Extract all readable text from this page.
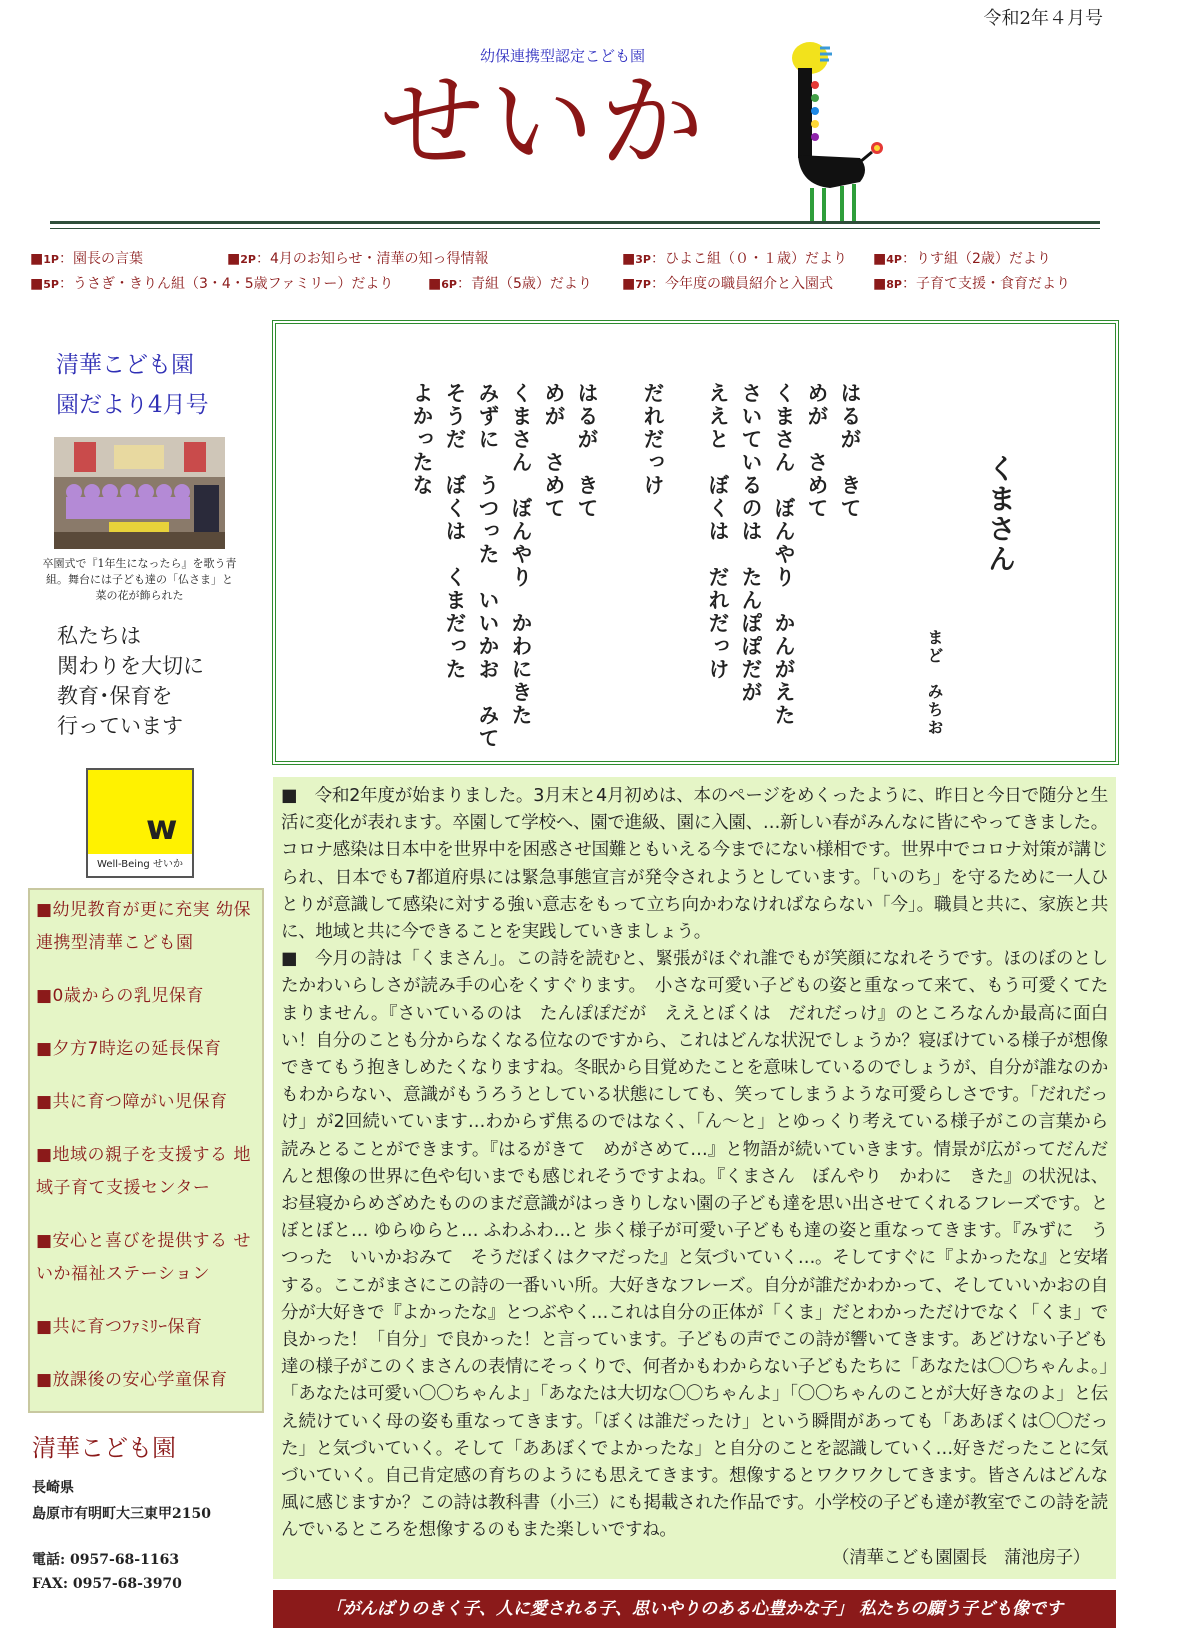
令和2年４月号
幼保連携型認定こども園
せいか
■1P：園長の言葉	■2P：4月のお知らせ・清華の知っ得情報	■3P：ひよこ組（０・１歳）だより ■4P：りす組（2歳）だより
■5P：うさぎ・きりん組（3・4・5歳ファミリー）だより ■6P：青組（5歳）だより ■7P：今年度の職員紹介と入園式	■8P：子育て支援・食育だより
清華こども園
園だより4月号
卒園式で『1年生になったら』を歌う青組。舞台には子ども達の「仏さま」と菜の花が飾られた
私たちは
関わりを大切に
教育･保育を
行っています
w
Well-Being せいか
■幼児教育が更に充実 幼保連携型清華こども園
■0歳からの乳児保育
■夕方7時迄の延長保育
■共に育つ障がい児保育
■地域の親子を支援する 地域子育て支援センター
■安心と喜びを提供する せいか福祉ステーション
■共に育つﾌｧﾐﾘｰ保育
■放課後の安心学童保育
清華こども園
長崎県
島原市有明町大三東甲2150
電話: 0957-68-1163
FAX: 0957-68-3970
くまさん
まど　みちお
はるが　きて
めが　さめて
くまさん　ぼんやり　かんがえた
さいているのは　たんぽぽだが
ええと　ぼくは　だれだっけ
だれだっけ
はるが　きて
めが　さめて
くまさん　ぼんやり　かわにきた
みずに　うつった　いいかお　みて
そうだ　ぼくは　くまだった
よかったな

■　令和2年度が始まりました。3月末と4月初めは、本のページをめくったように、昨日と今日で随分と生活に変化が表れます。卒園して学校へ、園で進級、園に入園、…新しい春がみんなに皆にやってきました。コロナ感染は日本中を世界中を困惑させ国難ともいえる今までにない様相です。世界中でコロナ対策が講じられ、日本でも7都道府県には緊急事態宣言が発令されようとしています。「いのち」を守るために一人ひとりが意識して感染に対する強い意志をもって立ち向かわなければならない「今」。職員と共に、家族と共に、地域と共に今できることを実践していきましょう。

■　今月の詩は「くまさん」。この詩を読むと、緊張がほぐれ誰でもが笑顔になれそうです。ほのぼのとしたかわいらしさが読み手の心をくすぐります。　小さな可愛い子どもの姿と重なって来て、もう可愛くてたまりません。『さいているのは　たんぽぽだが　ええとぼくは　だれだっけ』のところなんか最高に面白い！自分のことも分からなくなる位なのですから、これはどんな状況でしょうか？寝ぼけている様子が想像できてもう抱きしめたくなりますね。冬眠から目覚めたことを意味しているのでしょうが、自分が誰なのかもわからない、意識がもうろうとしている状態にしても、笑ってしまうような可愛らしさです。「だれだっけ」が2回続いています…わからず焦るのではなく、「ん～と」とゆっくり考えている様子がこの言葉から読みとることができます。『はるがきて　めがさめて…』と物語が続いていきます。情景が広がってだんだんと想像の世界に色や匂いまでも感じれそうですよね。『くまさん　ぼんやり　かわに　きた』の状況は、お昼寝からめざめたもののまだ意識がはっきりしない園の子ども達を思い出させてくれるフレーズです。とぼとぼと… ゆらゆらと… ふわふわ…と 歩く様子が可愛い子どもも達の姿と重なってきます。『みずに　うつった　いいかおみて　そうだぼくはクマだった』と気づいていく…。そしてすぐに『よかったな』と安堵する。ここがまさにこの詩の一番いい所。大好きなフレーズ。自分が誰だかわかって、そしていいかおの自分が大好きで『よかったな』とつぶやく…これは自分の正体が「くま」だとわかっただけでなく「くま」で良かった！「自分」で良かった！と言っています。子どもの声でこの詩が響いてきます。あどけない子ども達の様子がこのくまさんの表情にそっくりで、何者かもわからない子どもたちに「あなたは〇〇ちゃんよ。」「あなたは可愛い〇〇ちゃんよ」「あなたは大切な〇〇ちゃんよ」「〇〇ちゃんのことが大好きなのよ」と伝え続けていく母の姿も重なってきます。「ぼくは誰だったけ」という瞬間があっても「ああぼくは〇〇だった」と気づいていく。そして「ああぼくでよかったな」と自分のことを認識していく…好きだったことに気づいていく。自己肯定感の育ちのようにも思えてきます。想像するとワクワクしてきます。皆さんはどんな風に感じますか？この詩は教科書（小三）にも掲載された作品です。小学校の子ども達が教室でこの詩を読んでいるところを想像するのもまた楽しいですね。

（清華こども園園長　蒲池房子）

「がんばりのきく子、人に愛される子、思いやりのある心豊かな子」 私たちの願う子ども像です
